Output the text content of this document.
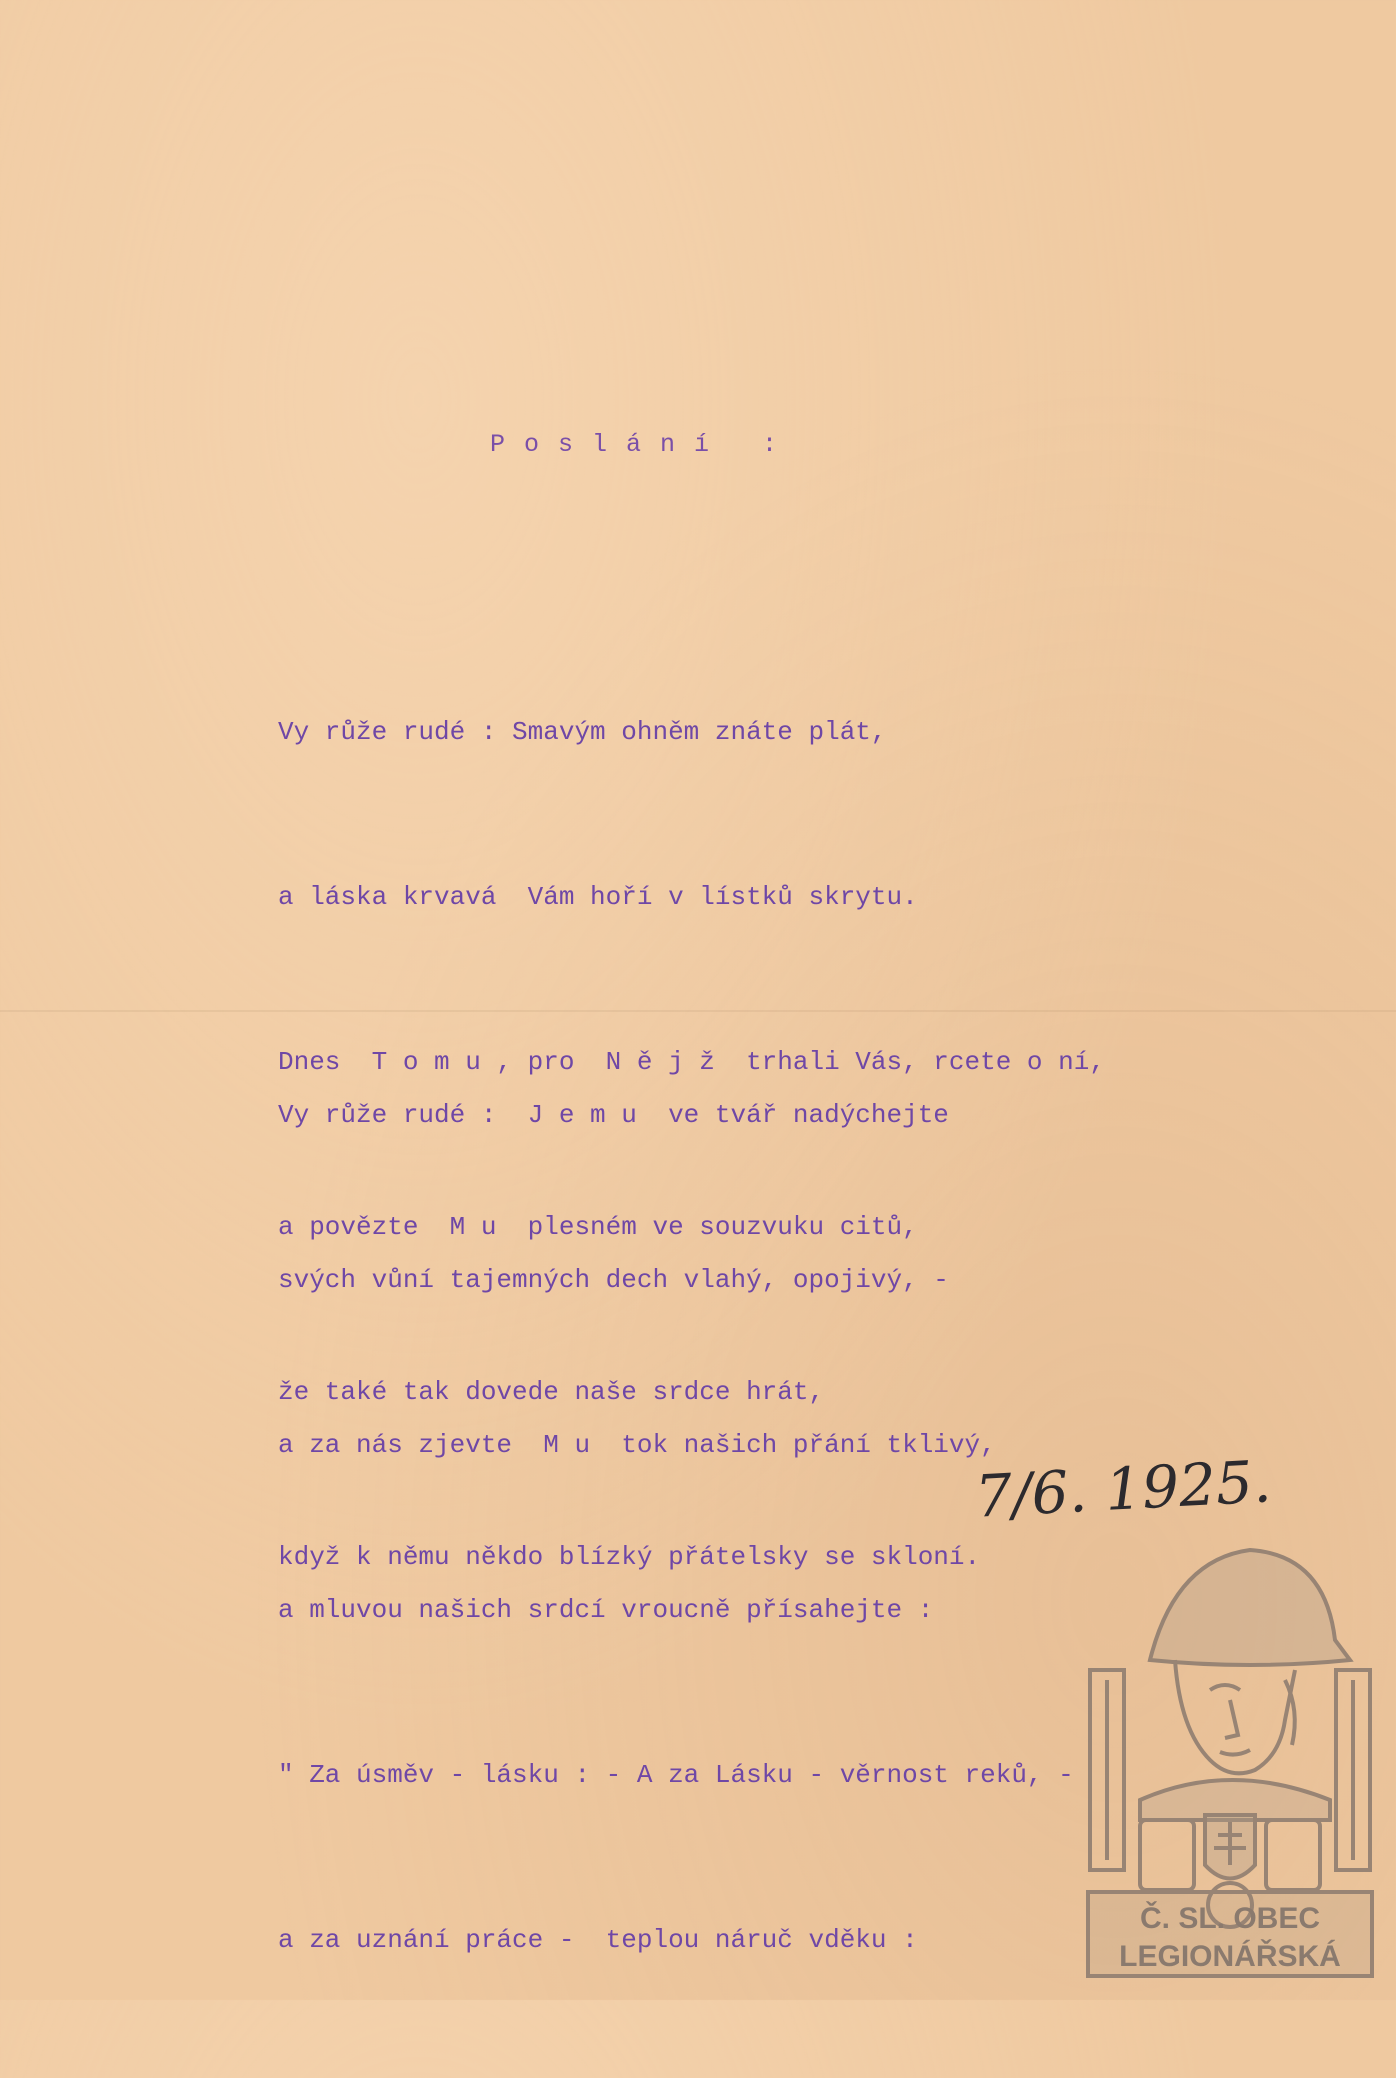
Poslání :

Vy růže rudé : Smavým ohněm znáte plát,

a láska krvavá  Vám hoří v lístků skrytu.

Dnes  T o m u , pro  N ě j ž  trhali Vás, rcete o ní,

a povězte  M u  plesném ve souzvuku citů,

že také tak dovede naše srdce hrát,

když k němu někdo blízký přátelsky se skloní.

Vy růže rudé :  J e m u  ve tvář nadýchejte

svých vůní tajemných dech vlahý, opojivý, -

a za nás zjevte  M u  tok našich přání tklivý,

a mluvou našich srdcí vroucně přísahejte :

" Za úsměv - lásku : - A za Lásku - věrnost reků, -

a za uznání práce -  teplou náruč vděku :

7/6. 1925.
Č. SL. OBEC
LEGIONÁŘSKÁ
